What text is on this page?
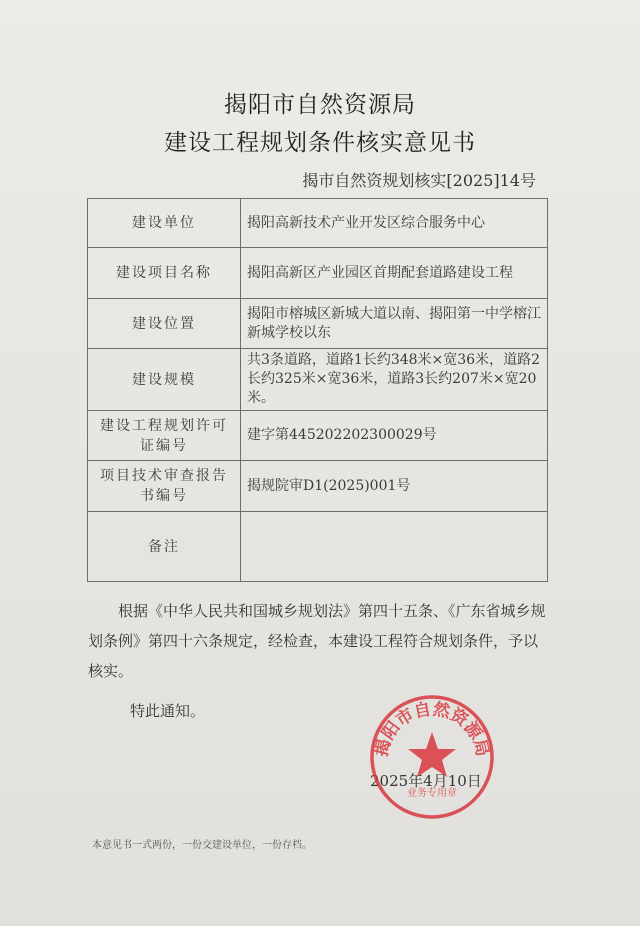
揭阳市自然资源局
建设工程规划条件核实意见书
揭市自然资规划核实[2025]14号
建设单位	揭阳高新技术产业开发区综合服务中心
建设项目名称	揭阳高新区产业园区首期配套道路建设工程
建设位置	揭阳市榕城区新城大道以南、揭阳第一中学榕江新城学校以东
建设规模	共3条道路，道路1长约348米×宽36米，道路2长约325米×宽36米，道路3长约207米×宽20米。
建设工程规划许可证编号	建字第445202202300029号
项目技术审查报告书编号	揭规院审D1(2025)001号
备注	
根据《中华人民共和国城乡规划法》第四十五条、《广东省城乡规划条例》第四十六条规定，经检查，本建设工程符合规划条件，予以核实。
特此通知。
2025年4月10日
揭阳市自然资源局
业务专用章
本意见书一式两份，一份交建设单位，一份存档。
